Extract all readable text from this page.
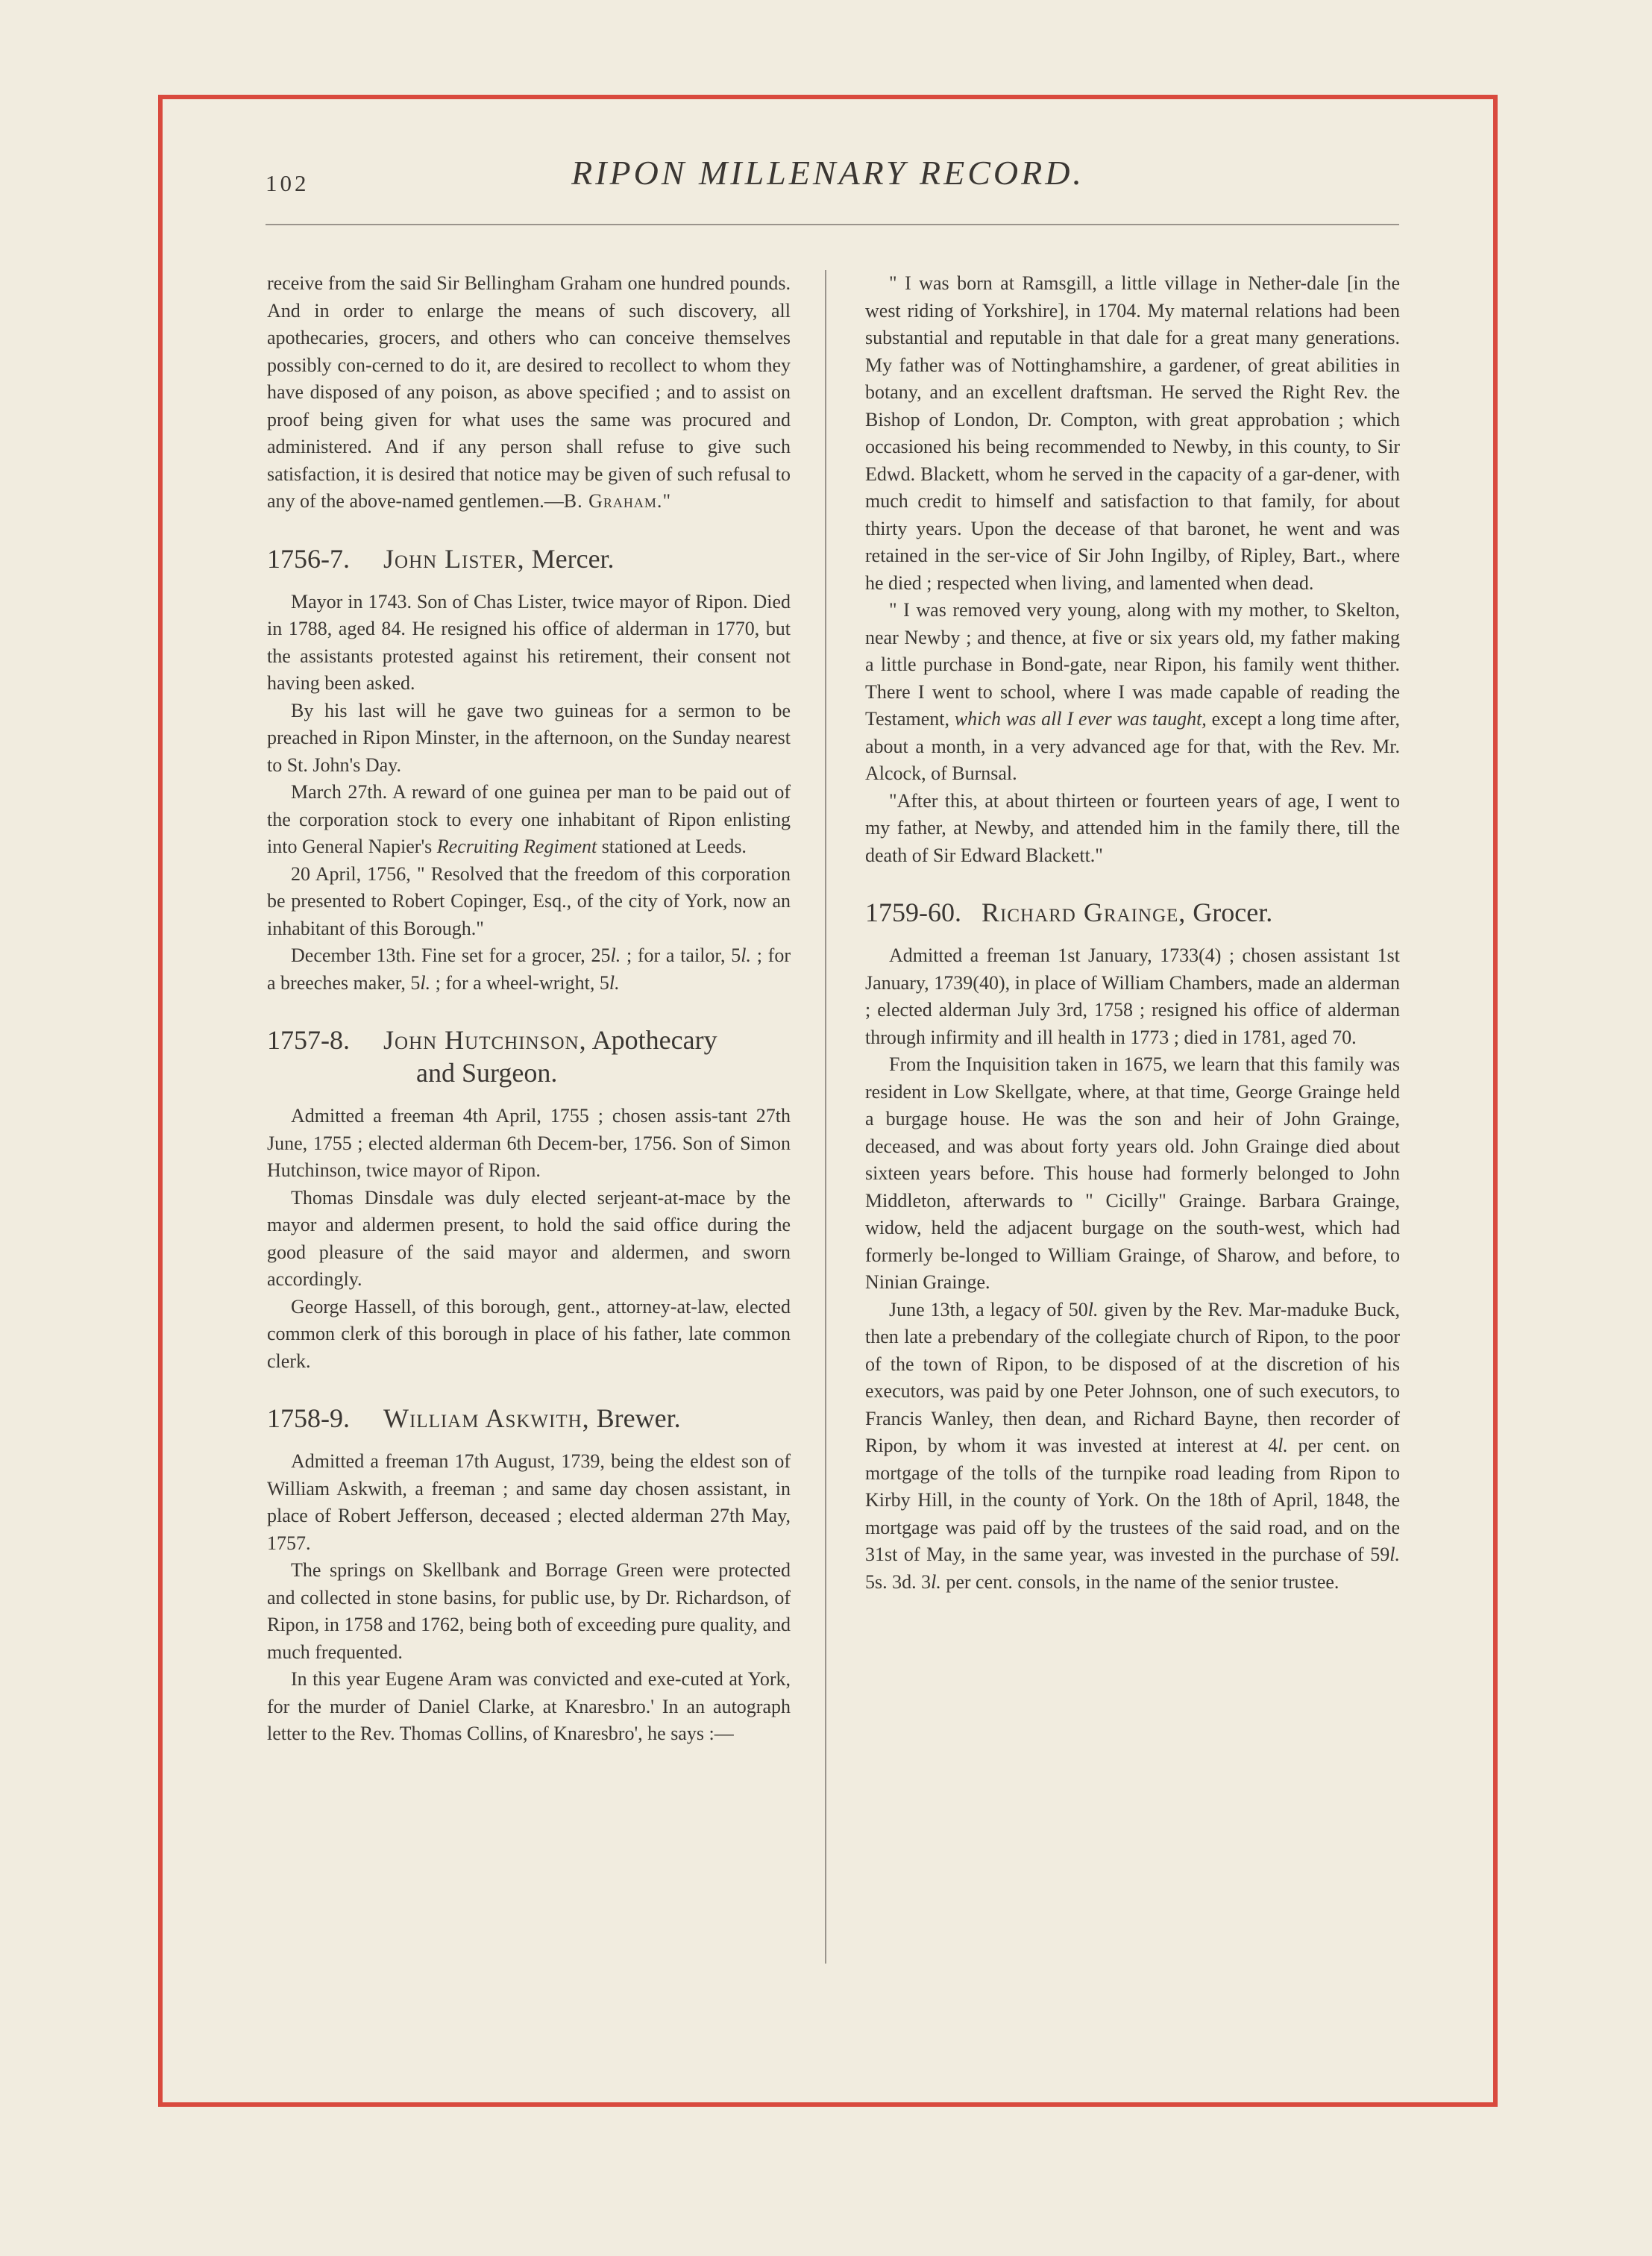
102	RIPON MILLENARY RECORD.

receive from the said Sir Bellingham Graham one hundred pounds. And in order to enlarge the means of such discovery, all apothecaries, grocers, and others who can conceive themselves possibly con-cerned to do it, are desired to recollect to whom they have disposed of any poison, as above specified ; and to assist on proof being given for what uses the same was procured and administered. And if any person shall refuse to give such satisfaction, it is desired that notice may be given of such refusal to any of the above-named gentlemen.—B. Graham."

1756-7. John Lister, Mercer.

Mayor in 1743. Son of Chas Lister, twice mayor of Ripon. Died in 1788, aged 84. He resigned his office of alderman in 1770, but the assistants protested against his retirement, their consent not having been asked.

By his last will he gave two guineas for a sermon to be preached in Ripon Minster, in the afternoon, on the Sunday nearest to St. John's Day.

March 27th. A reward of one guinea per man to be paid out of the corporation stock to every one inhabitant of Ripon enlisting into General Napier's Recruiting Regiment stationed at Leeds.

20 April, 1756, " Resolved that the freedom of this corporation be presented to Robert Copinger, Esq., of the city of York, now an inhabitant of this Borough."

December 13th. Fine set for a grocer, 25l. ; for a tailor, 5l. ; for a breeches maker, 5l. ; for a wheel-wright, 5l.

1757-8. John Hutchinson, Apothecary
and Surgeon.

Admitted a freeman 4th April, 1755 ; chosen assis-tant 27th June, 1755 ; elected alderman 6th Decem-ber, 1756. Son of Simon Hutchinson, twice mayor of Ripon.

Thomas Dinsdale was duly elected serjeant-at-mace by the mayor and aldermen present, to hold the said office during the good pleasure of the said mayor and aldermen, and sworn accordingly.

George Hassell, of this borough, gent., attorney-at-law, elected common clerk of this borough in place of his father, late common clerk.

1758-9. William Askwith, Brewer.

Admitted a freeman 17th August, 1739, being the eldest son of William Askwith, a freeman ; and same day chosen assistant, in place of Robert Jefferson, deceased ; elected alderman 27th May, 1757.

The springs on Skellbank and Borrage Green were protected and collected in stone basins, for public use, by Dr. Richardson, of Ripon, in 1758 and 1762, being both of exceeding pure quality, and much frequented.

In this year Eugene Aram was convicted and exe-cuted at York, for the murder of Daniel Clarke, at Knaresbro.' In an autograph letter to the Rev. Thomas Collins, of Knaresbro', he says :—

" I was born at Ramsgill, a little village in Nether-dale [in the west riding of Yorkshire], in 1704. My maternal relations had been substantial and reputable in that dale for a great many generations. My father was of Nottinghamshire, a gardener, of great abilities in botany, and an excellent draftsman. He served the Right Rev. the Bishop of London, Dr. Compton, with great approbation ; which occasioned his being recommended to Newby, in this county, to Sir Edwd. Blackett, whom he served in the capacity of a gar-dener, with much credit to himself and satisfaction to that family, for about thirty years. Upon the decease of that baronet, he went and was retained in the ser-vice of Sir John Ingilby, of Ripley, Bart., where he died ; respected when living, and lamented when dead.

" I was removed very young, along with my mother, to Skelton, near Newby ; and thence, at five or six years old, my father making a little purchase in Bond-gate, near Ripon, his family went thither. There I went to school, where I was made capable of reading the Testament, which was all I ever was taught, except a long time after, about a month, in a very advanced age for that, with the Rev. Mr. Alcock, of Burnsal.

"After this, at about thirteen or fourteen years of age, I went to my father, at Newby, and attended him in the family there, till the death of Sir Edward Blackett."

1759-60. Richard Grainge, Grocer.

Admitted a freeman 1st January, 1733(4) ; chosen assistant 1st January, 1739(40), in place of William Chambers, made an alderman ; elected alderman July 3rd, 1758 ; resigned his office of alderman through infirmity and ill health in 1773 ; died in 1781, aged 70.

From the Inquisition taken in 1675, we learn that this family was resident in Low Skellgate, where, at that time, George Grainge held a burgage house. He was the son and heir of John Grainge, deceased, and was about forty years old. John Grainge died about sixteen years before. This house had formerly belonged to John Middleton, afterwards to " Cicilly" Grainge. Barbara Grainge, widow, held the adjacent burgage on the south-west, which had formerly be-longed to William Grainge, of Sharow, and before, to Ninian Grainge.

June 13th, a legacy of 50l. given by the Rev. Mar-maduke Buck, then late a prebendary of the collegiate church of Ripon, to the poor of the town of Ripon, to be disposed of at the discretion of his executors, was paid by one Peter Johnson, one of such executors, to Francis Wanley, then dean, and Richard Bayne, then recorder of Ripon, by whom it was invested at interest at 4l. per cent. on mortgage of the tolls of the turnpike road leading from Ripon to Kirby Hill, in the county of York. On the 18th of April, 1848, the mortgage was paid off by the trustees of the said road, and on the 31st of May, in the same year, was invested in the purchase of 59l. 5s. 3d. 3l. per cent. consols, in the name of the senior trustee.
